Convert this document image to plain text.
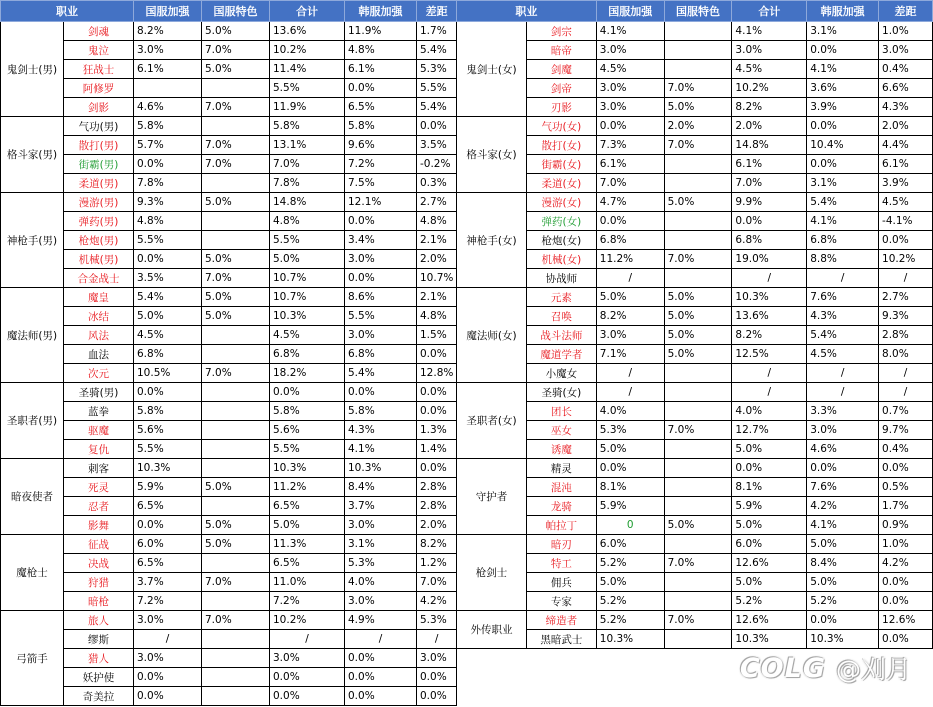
职业		国服加强	国服特色	合计	韩服加强	差距
鬼剑士(男)	剑魂	8.2%	5.0%	13.6%	11.9%	1.7%
	鬼泣	3.0%	7.0%	10.2%	4.8%	5.4%
	狂战士	6.1%	5.0%	11.4%	6.1%	5.3%
	阿修罗			5.5%	0.0%	5.5%
	剑影	4.6%	7.0%	11.9%	6.5%	5.4%
格斗家(男)	气功(男)	5.8%		5.8%	5.8%	0.0%
	散打(男)	5.7%	7.0%	13.1%	9.6%	3.5%
	街霸(男)	0.0%	7.0%	7.0%	7.2%	-0.2%
	柔道(男)	7.8%		7.8%	7.5%	0.3%
神枪手(男)	漫游(男)	9.3%	5.0%	14.8%	12.1%	2.7%
	弹药(男)	4.8%		4.8%	0.0%	4.8%
	枪炮(男)	5.5%		5.5%	3.4%	2.1%
	机械(男)	0.0%	5.0%	5.0%	3.0%	2.0%
	合金战士	3.5%	7.0%	10.7%	0.0%	10.7%
魔法师(男)	魔皇	5.4%	5.0%	10.7%	8.6%	2.1%
	冰结	5.0%	5.0%	10.3%	5.5%	4.8%
	风法	4.5%		4.5%	3.0%	1.5%
	血法	6.8%		6.8%	6.8%	0.0%
	次元	10.5%	7.0%	18.2%	5.4%	12.8%
圣职者(男)	圣骑(男)	0.0%		0.0%	0.0%	0.0%
	蓝拳	5.8%		5.8%	5.8%	0.0%
	驱魔	5.6%		5.6%	4.3%	1.3%
	复仇	5.5%		5.5%	4.1%	1.4%
暗夜使者	刺客	10.3%		10.3%	10.3%	0.0%
	死灵	5.9%	5.0%	11.2%	8.4%	2.8%
	忍者	6.5%		6.5%	3.7%	2.8%
	影舞	0.0%	5.0%	5.0%	3.0%	2.0%
魔枪士	征战	6.0%	5.0%	11.3%	3.1%	8.2%
	决战	6.5%		6.5%	5.3%	1.2%
	狩猎	3.7%	7.0%	11.0%	4.0%	7.0%
	暗枪	7.2%		7.2%	3.0%	4.2%
弓箭手	旅人	3.0%	7.0%	10.2%	4.9%	5.3%
	缪斯	/		/	/	/
	猎人	3.0%		3.0%	0.0%	3.0%
	妖护使	0.0%		0.0%	0.0%	0.0%
	奇美拉	0.0%		0.0%	0.0%	0.0%
职业		国服加强	国服特色	合计	韩服加强	差距
鬼剑士(女)	剑宗	4.1%		4.1%	3.1%	1.0%
	暗帝	3.0%		3.0%	0.0%	3.0%
	剑魔	4.5%		4.5%	4.1%	0.4%
	剑帝	3.0%	7.0%	10.2%	3.6%	6.6%
	刃影	3.0%	5.0%	8.2%	3.9%	4.3%
格斗家(女)	气功(女)	0.0%	2.0%	2.0%	0.0%	2.0%
	散打(女)	7.3%	7.0%	14.8%	10.4%	4.4%
	街霸(女)	6.1%		6.1%	0.0%	6.1%
	柔道(女)	7.0%		7.0%	3.1%	3.9%
神枪手(女)	漫游(女)	4.7%	5.0%	9.9%	5.4%	4.5%
	弹药(女)	0.0%		0.0%	4.1%	-4.1%
	枪炮(女)	6.8%		6.8%	6.8%	0.0%
	机械(女)	11.2%	7.0%	19.0%	8.8%	10.2%
	协战师	/		/	/	/
魔法师(女)	元素	5.0%	5.0%	10.3%	7.6%	2.7%
	召唤	8.2%	5.0%	13.6%	4.3%	9.3%
	战斗法师	3.0%	5.0%	8.2%	5.4%	2.8%
	魔道学者	7.1%	5.0%	12.5%	4.5%	8.0%
	小魔女	/		/	/	/
圣职者(女)	圣骑(女)	/		/	/	/
	团长	4.0%		4.0%	3.3%	0.7%
	巫女	5.3%	7.0%	12.7%	3.0%	9.7%
	诱魔	5.0%		5.0%	4.6%	0.4%
守护者	精灵	0.0%		0.0%	0.0%	0.0%
	混沌	8.1%		8.1%	7.6%	0.5%
	龙骑	5.9%		5.9%	4.2%	1.7%
	帕拉丁	0	5.0%	5.0%	4.1%	0.9%
枪剑士	暗刃	6.0%		6.0%	5.0%	1.0%
	特工	5.2%	7.0%	12.6%	8.4%	4.2%
	佣兵	5.0%		5.0%	5.0%	0.0%
	专家	5.2%		5.2%	5.2%	0.0%
外传职业	缔造者	5.2%	7.0%	12.6%	0.0%	12.6%
	黑暗武士	10.3%		10.3%	10.3%	0.0%

COLG @刈月
